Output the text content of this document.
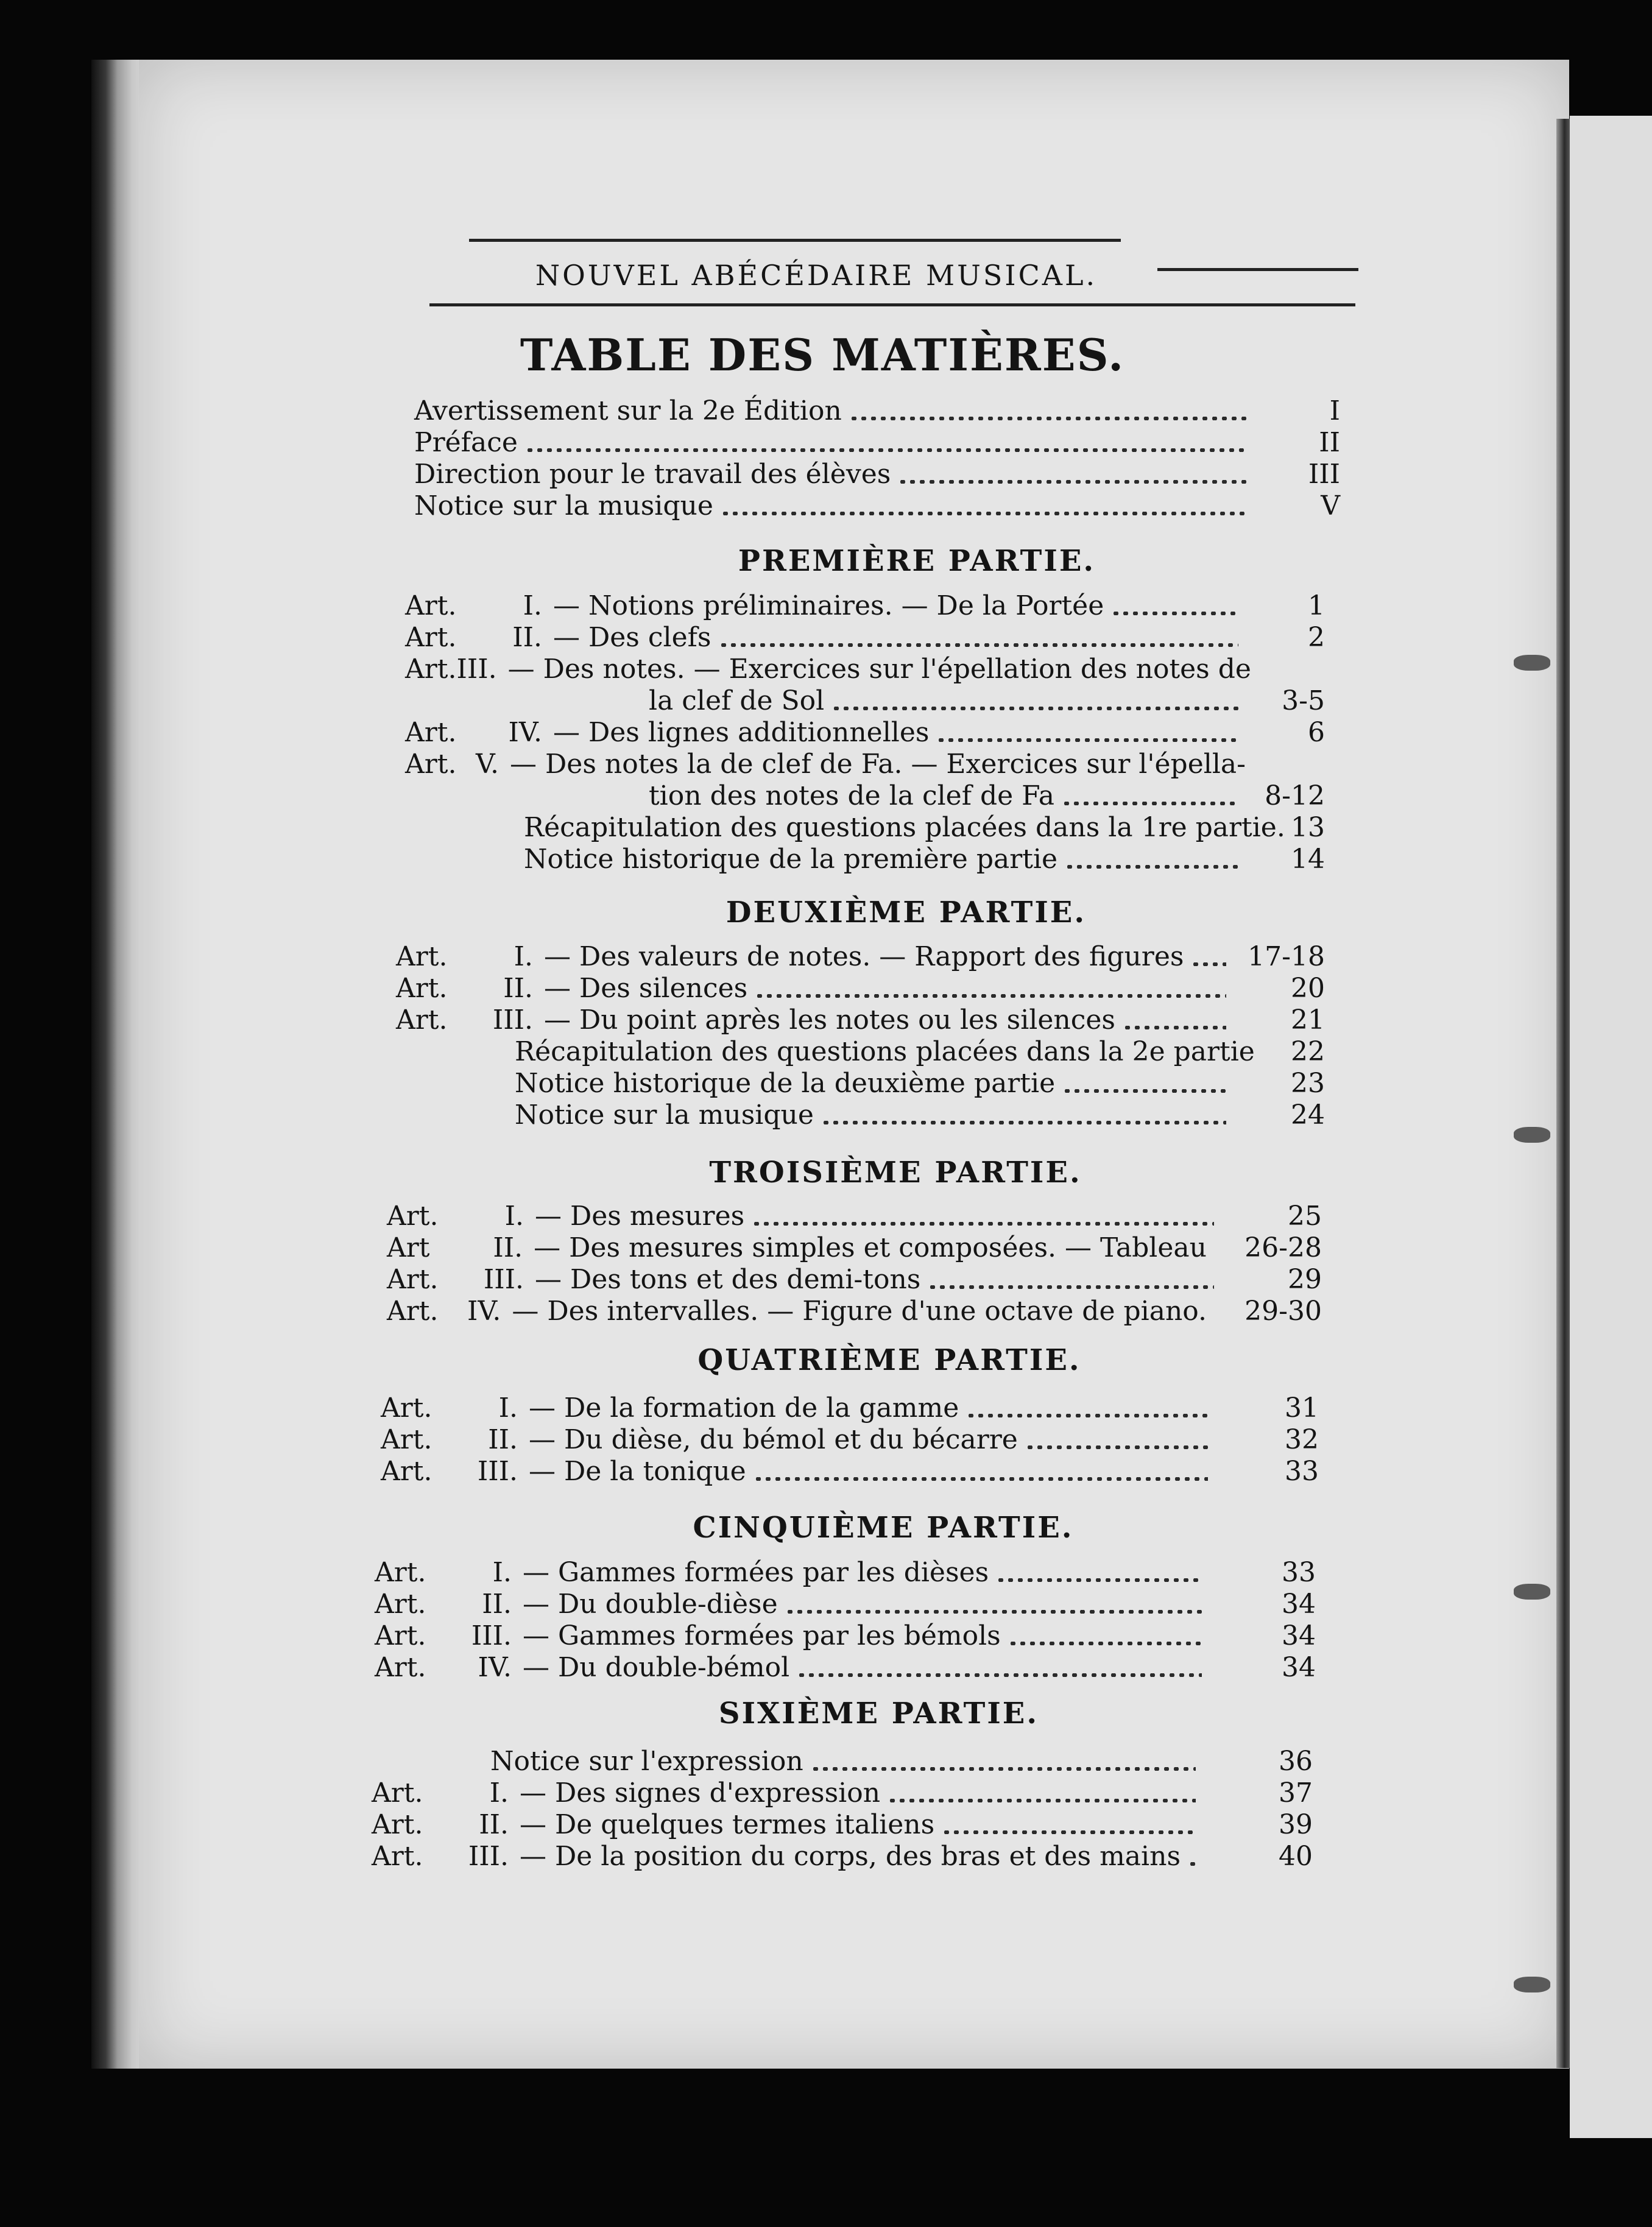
NOUVEL ABÉCÉDAIRE MUSICAL.
TABLE DES MATIÈRES.
Avertissement sur la 2e Édition	I
Préface	II
Direction pour le travail des élèves	III
Notice sur la musique	V
PREMIÈRE PARTIE.
Art.	I. — Notions préliminaires. — De la Portée	1
Art.	II. — Des clefs	2
Art. III. — Des notes. — Exercices sur l'épellation des notes de
la clef de Sol	3-5
Art.	IV. — Des lignes additionnelles	6
Art. V. — Des notes la de clef de Fa. — Exercices sur l'épella-
tion des notes de la clef de Fa	8-12
Récapitulation des questions placées dans la 1re partie. 13
Notice historique de la première partie	14
DEUXIÈME PARTIE.
Art.	I. — Des valeurs de notes. — Rapport des figures	17-18
Art.	II. — Des silences	20
Art.	III. — Du point après les notes ou les silences	21
Récapitulation des questions placées dans la 2e partie	22
Notice historique de la deuxième partie	23
Notice sur la musique	24
TROISIÈME PARTIE.
Art.	I. — Des mesures	25
Art	II. — Des mesures simples et composées. — Tableau	26-28
Art.	III. — Des tons et des demi-tons	29
Art.	IV. — Des intervalles. — Figure d'une octave de piano.	29-30
QUATRIÈME PARTIE.
Art.	I. — De la formation de la gamme	31
Art.	II. — Du dièse, du bémol et du bécarre	32
Art.	III. — De la tonique	33
CINQUIÈME PARTIE.
Art.	I. — Gammes formées par les dièses	33
Art.	II. — Du double-dièse	34
Art.	III. — Gammes formées par les bémols	34
Art.	IV. — Du double-bémol	34
SIXIÈME PARTIE.
Notice sur l'expression	36
Art.	I. — Des signes d'expression	37
Art.	II. — De quelques termes italiens	39
Art.	III. — De la position du corps, des bras et des mains	40
